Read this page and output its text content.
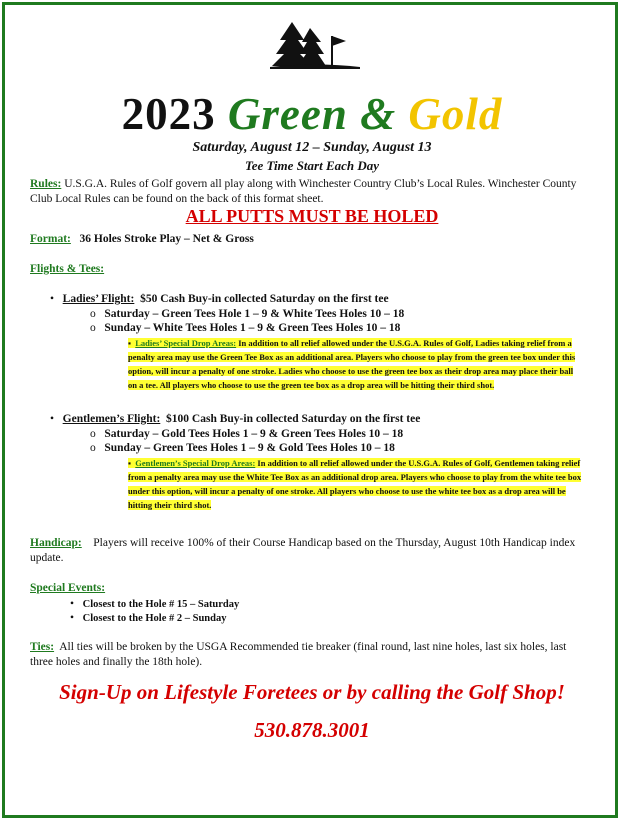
2023 Green & Gold
Saturday, August 12 – Sunday, August 13
Tee Time Start Each Day
Rules: U.S.G.A. Rules of Golf govern all play along with Winchester Country Club’s Local Rules. Winchester County Club Local Rules can be found on the back of this format sheet.
ALL PUTTS MUST BE HOLED
Format: 36 Holes Stroke Play – Net & Gross
Flights & Tees:
•   Ladies’ Flight: $50 Cash Buy-in collected Saturday on the first tee
o   Saturday – Green Tees Hole 1 – 9 & White Tees Holes 10 – 18
o   Sunday – White Tees Holes 1 – 9 & Green Tees Holes 10 – 18
▪  Ladies’ Special Drop Areas: In addition to all relief allowed under the U.S.G.A. Rules of Golf, Ladies taking relief from a penalty area may use the Green Tee Box as an additional area. Players who choose to play from the green tee box under this option, will incur a penalty of one stroke. Ladies who choose to use the green tee box as their drop area may place their ball on a tee. All players who choose to use the green tee box as a drop area will be hitting their third shot.
•   Gentlemen’s Flight: $100 Cash Buy-in collected Saturday on the first tee
o   Saturday – Gold Tees Holes 1 – 9 & Green Tees Holes 10 – 18
o   Sunday – Green Tees Holes 1 – 9 & Gold Tees Holes 10 – 18
▪  Gentlemen’s Special Drop Areas: In addition to all relief allowed under the U.S.G.A. Rules of Golf, Gentlemen taking relief from a penalty area may use the White Tee Box as an additional drop area. Players who choose to play from the white tee box under this option, will incur a penalty of one stroke. All players who choose to use the white tee box as a drop area will be hitting their third shot.
Handicap: Players will receive 100% of their Course Handicap based on the Thursday, August 10th Handicap index update.
Special Events:
•   Closest to the Hole # 15 – Saturday
•   Closest to the Hole # 2 – Sunday
Ties: All ties will be broken by the USGA Recommended tie breaker (final round, last nine holes, last six holes, last three holes and finally the 18th hole).
Sign-Up on Lifestyle Foretees or by calling the Golf Shop!
530.878.3001
